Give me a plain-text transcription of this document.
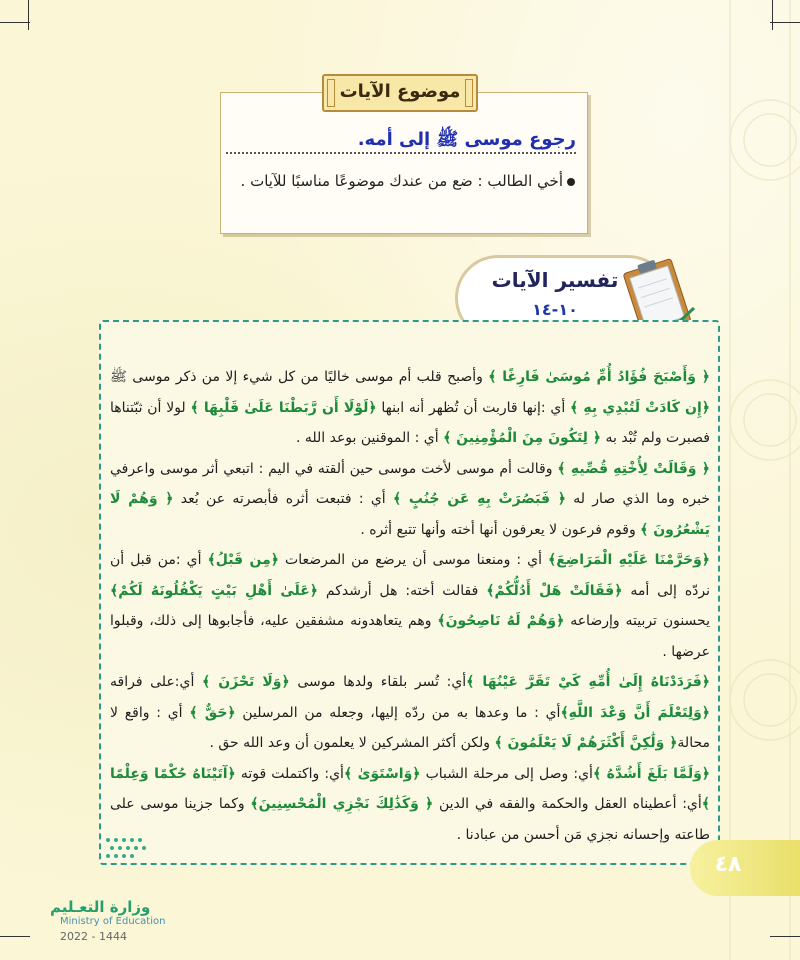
موضوع الآيات
رجوع موسى ﷺ إلى أمه.
أخي الطالب : ضع من عندك موضوعًا مناسبًا للآيات .
تفسير الآيات
١٠-١٤

﴿ وَأَصْبَحَ فُؤَادُ أُمِّ مُوسَىٰ فَارِغًا ﴾ وأصبح قلب أم موسى خاليًا من كل شيء إلا من ذكر موسى ﷺ ﴿إِن كَادَتْ لَتُبْدِي بِهِ ﴾ أي :إنها قاربت أن تُظهر أنه ابنها ﴿لَوْلَا أَن رَّبَطْنَا عَلَىٰ قَلْبِهَا ﴾ لولا أن ثبّتناها فصبرت ولم تُبْد به ﴿ لِتَكُونَ مِنَ الْمُؤْمِنِينَ ﴾ أي : الموقنين بوعد الله .

﴿ وَقَالَتْ لِأُخْتِهِ قُصِّيهِ ﴾ وقالت أم موسى لأخت موسى حين ألقته في اليم : اتبعي أثر موسى واعرفي خبره وما الذي صار له ﴿ فَبَصُرَتْ بِهِ عَن جُنُبٍ ﴾ أي : فتبعت أثره فأبصرته عن بُعد ﴿ وَهُمْ لَا يَشْعُرُونَ ﴾ وقوم فرعون لا يعرفون أنها أخته وأنها تتبع أثره .

﴿وَحَرَّمْنَا عَلَيْهِ الْمَرَاضِعَ﴾ أي : ومنعنا موسى أن يرضع من المرضعات ﴿مِن قَبْلُ﴾ أي :من قبل أن نردّه إلى أمه ﴿فَقَالَتْ هَلْ أَدُلُّكُمْ﴾ فقالت أخته: هل أرشدكم ﴿عَلَىٰ أَهْلِ بَيْتٍ يَكْفُلُونَهُ لَكُمْ﴾ يحسنون تربيته وإرضاعه ﴿وَهُمْ لَهُ نَاصِحُونَ﴾ وهم يتعاهدونه مشفقين عليه، فأجابوها إلى ذلك، وقبلوا عرضها .

﴿فَرَدَدْنَاهُ إِلَىٰ أُمِّهِ كَيْ تَقَرَّ عَيْنُهَا ﴾أي: تُسر بلقاء ولدها موسى ﴿وَلَا تَحْزَنَ ﴾ أي:على فراقه ﴿وَلِتَعْلَمَ أَنَّ وَعْدَ اللَّهِ﴾أي : ما وعدها به من ردّه إليها، وجعله من المرسلين ﴿حَقٌّ ﴾ أي : واقع لا محالة﴿ وَلَٰكِنَّ أَكْثَرَهُمْ لَا يَعْلَمُونَ ﴾ ولكن أكثر المشركين لا يعلمون أن وعد الله حق .

﴿وَلَمَّا بَلَغَ أَشُدَّهُ ﴾أي: وصل إلى مرحلة الشباب ﴿وَاسْتَوَىٰ ﴾أي: واكتملت قوته ﴿آتَيْنَاهُ حُكْمًا وَعِلْمًا ﴾أي: أعطيناه العقل والحكمة والفقه في الدين ﴿ وَكَذَٰلِكَ نَجْزِي الْمُحْسِنِينَ﴾ وكما جزينا موسى على طاعته وإحسانه نجزي مَن أحسن من عبادنا .

٤٨
وزارة التعـليم
Ministry of Education
2022 - 1444
